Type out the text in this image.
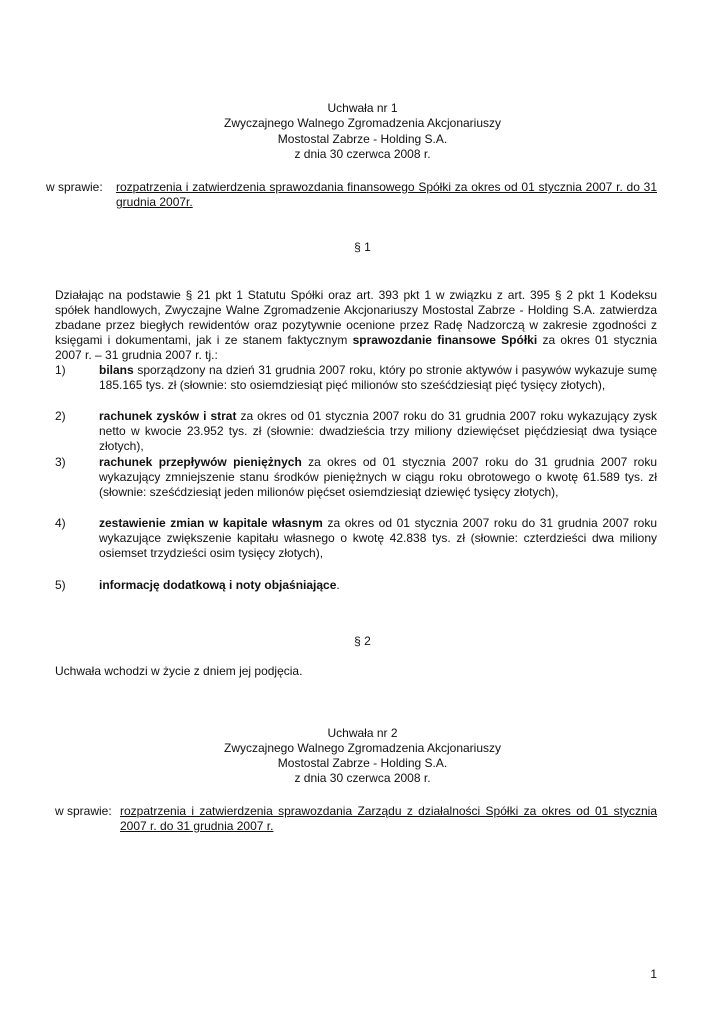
Uchwała nr 1
Zwyczajnego Walnego Zgromadzenia Akcjonariuszy
Mostostal Zabrze - Holding S.A.
z dnia 30 czerwca 2008 r.
w sprawie: rozpatrzenia i zatwierdzenia sprawozdania finansowego Spółki za okres od 01 stycznia 2007 r. do 31 grudnia 2007r.
§ 1
Działając na podstawie § 21 pkt 1 Statutu Spółki oraz art. 393 pkt 1 w związku z art. 395 § 2 pkt 1 Kodeksu spółek handlowych, Zwyczajne Walne Zgromadzenie Akcjonariuszy Mostostal Zabrze - Holding S.A. zatwierdza zbadane przez biegłych rewidentów oraz pozytywnie ocenione przez Radę Nadzorczą w zakresie zgodności z księgami i dokumentami, jak i ze stanem faktycznym sprawozdanie finansowe Spółki za okres 01 stycznia 2007 r. – 31 grudnia 2007 r. tj.:
1)	bilans sporządzony na dzień 31 grudnia 2007 roku, który po stronie aktywów i pasywów wykazuje sumę 185.165 tys. zł (słownie: sto osiemdziesiąt pięć milionów sto sześćdziesiąt pięć tysięcy złotych),
2)	rachunek zysków i strat za okres od 01 stycznia 2007 roku do 31 grudnia 2007 roku wykazujący zysk netto w kwocie 23.952 tys. zł (słownie: dwadzieścia trzy miliony dziewięćset pięćdziesiąt dwa tysiące złotych),
3)	rachunek przepływów pieniężnych za okres od 01 stycznia 2007 roku do 31 grudnia 2007 roku wykazujący zmniejszenie stanu środków pieniężnych w ciągu roku obrotowego o kwotę 61.589 tys. zł (słownie: sześćdziesiąt jeden milionów pięćset osiemdziesiąt dziewięć tysięcy złotych),
4)	zestawienie zmian w kapitale własnym za okres od 01 stycznia 2007 roku do 31 grudnia 2007 roku wykazujące zwiększenie kapitału własnego o kwotę 42.838 tys. zł (słownie: czterdzieści dwa miliony osiemset trzydzieści osim tysięcy złotych),
5)	informację dodatkową i noty objaśniające.
§ 2
Uchwała wchodzi w życie z dniem jej podjęcia.
Uchwała nr 2
Zwyczajnego Walnego Zgromadzenia Akcjonariuszy
Mostostal Zabrze - Holding S.A.
z dnia 30 czerwca 2008 r.
w sprawie: rozpatrzenia i zatwierdzenia sprawozdania Zarządu z działalności Spółki za okres od 01 stycznia 2007 r. do 31 grudnia 2007 r.
1
